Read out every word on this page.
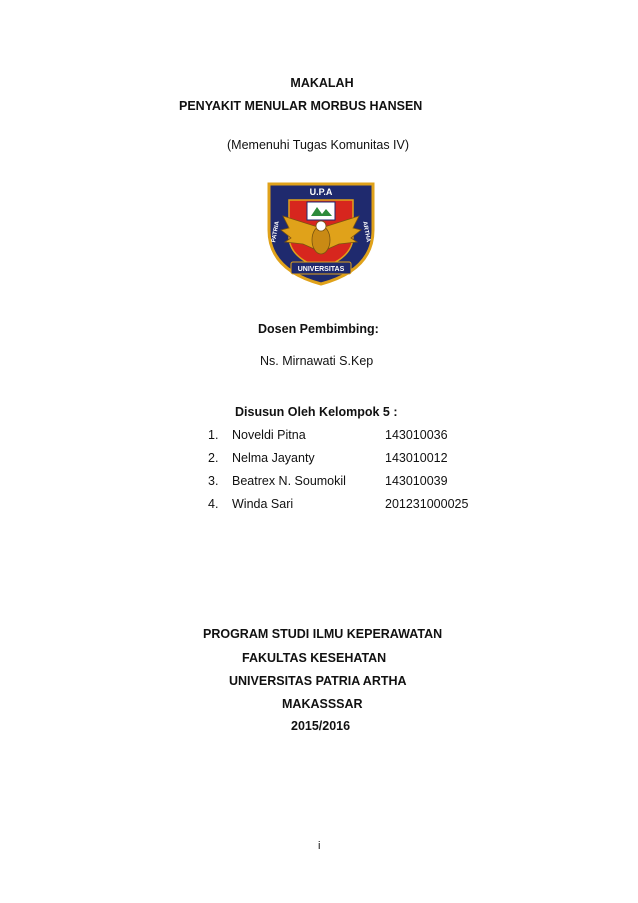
MAKALAH
PENYAKIT MENULAR MORBUS HANSEN
(Memenuhi Tugas Komunitas IV)
U.P.A
PATRIA	ARTHA
UNIVERSITAS
Dosen Pembimbing:
Ns. Mirnawati S.Kep
Disusun Oleh Kelompok 5 :
1. Noveldi Pitna	143010036
2. Nelma Jayanty	143010012
3. Beatrex N. Soumokil	143010039
4. Winda Sari	201231000025
PROGRAM STUDI ILMU KEPERAWATAN
FAKULTAS KESEHATAN
UNIVERSITAS PATRIA ARTHA
MAKASSSAR
2015/2016
i
